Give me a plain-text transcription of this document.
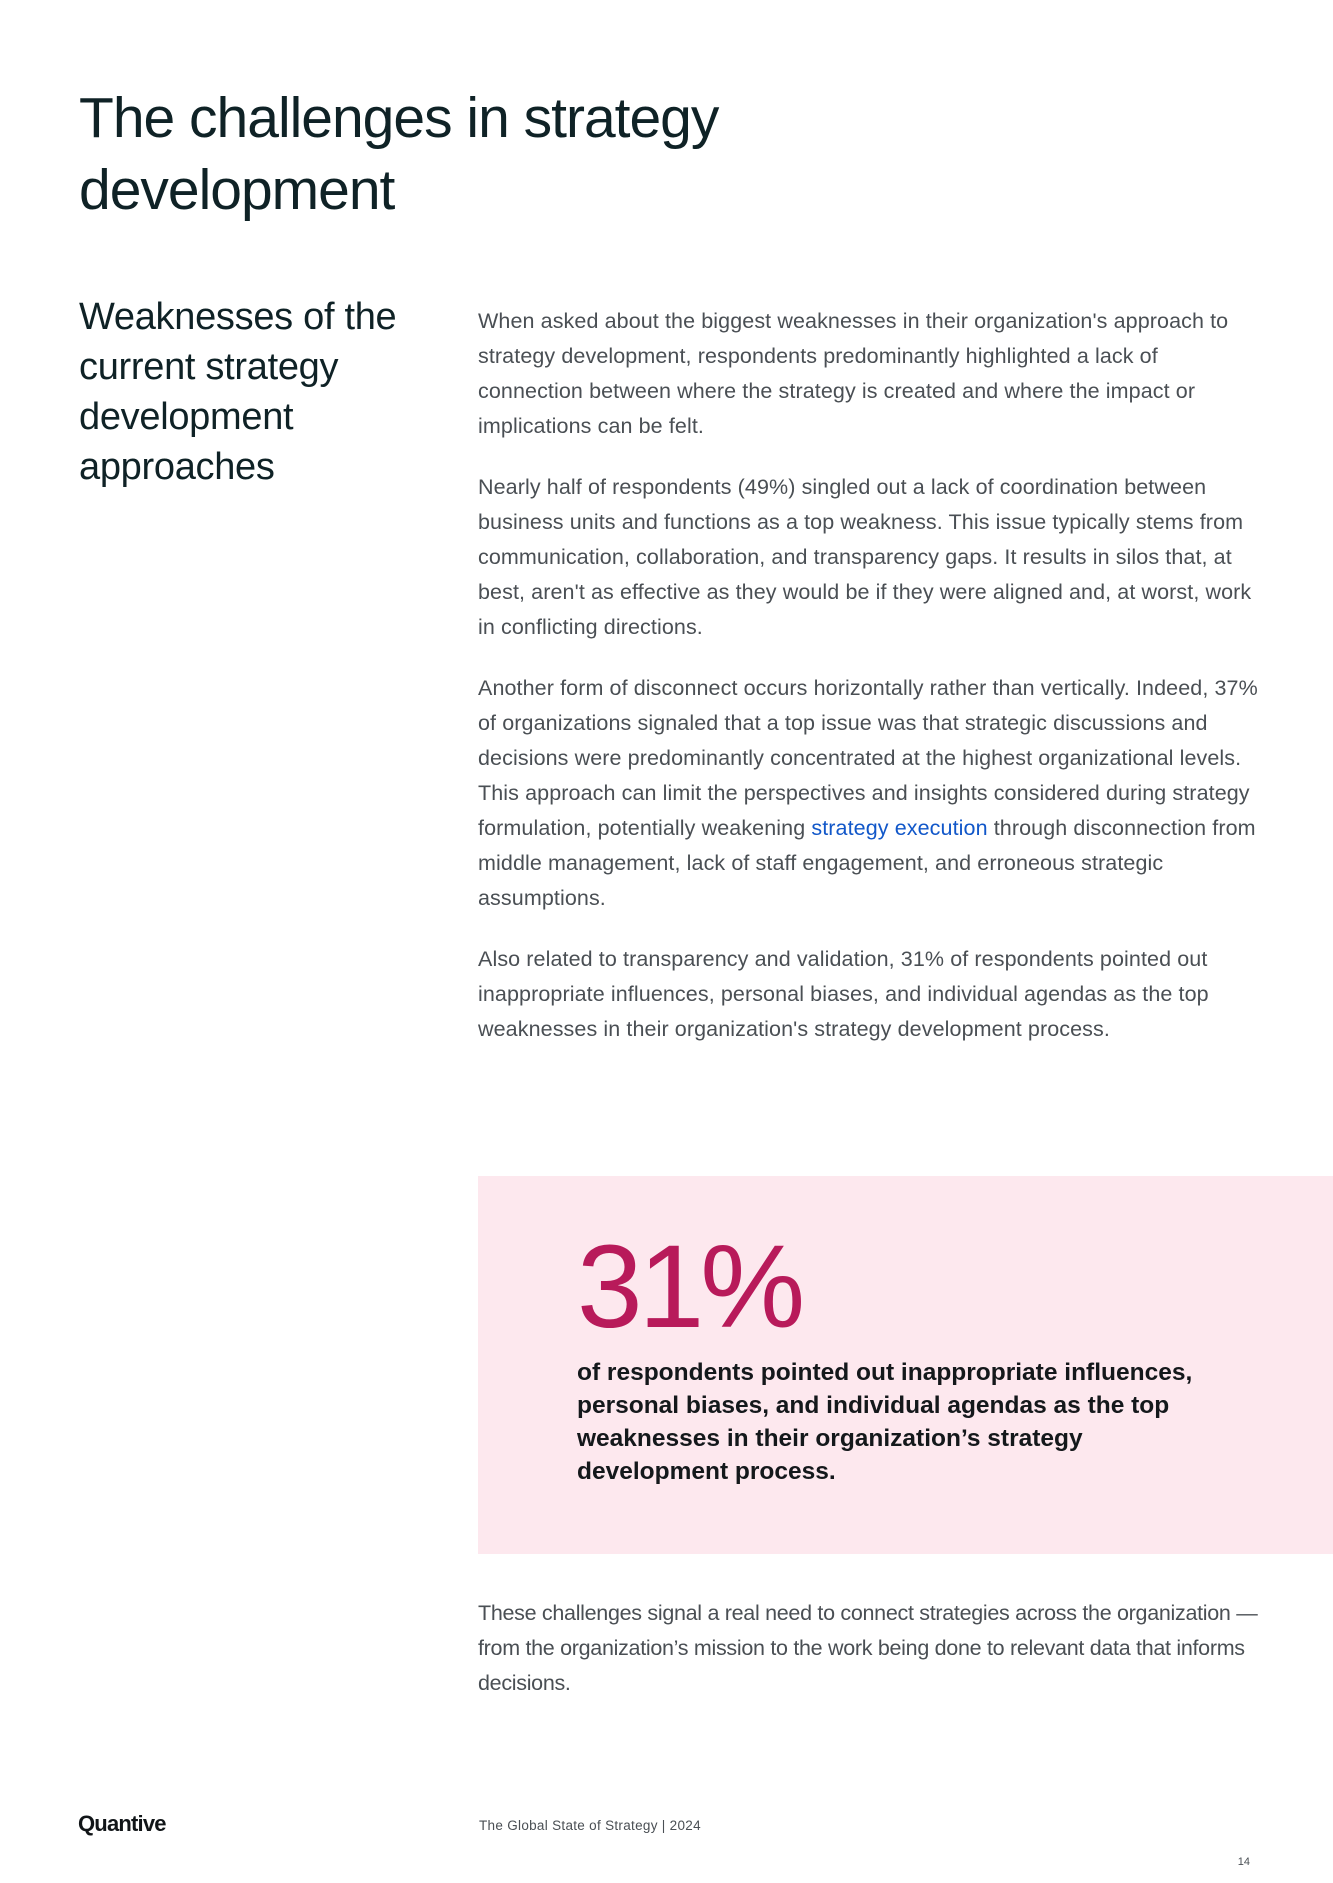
The challenges in strategy development
Weaknesses of the current strategy development approaches

When asked about the biggest weaknesses in their organization's approach to strategy development, respondents predominantly highlighted a lack of connection between where the strategy is created and where the impact or implications can be felt.

Nearly half of respondents (49%) singled out a lack of coordination between business units and functions as a top weakness. This issue typically stems from communication, collaboration, and transparency gaps. It results in silos that, at best, aren't as effective as they would be if they were aligned and, at worst, work in conflicting directions.

Another form of disconnect occurs horizontally rather than vertically. Indeed, 37% of organizations signaled that a top issue was that strategic discussions and decisions were predominantly concentrated at the highest organizational levels. This approach can limit the perspectives and insights considered during strategy formulation, potentially weakening strategy execution through disconnection from middle management, lack of staff engagement, and erroneous strategic assumptions.

Also related to transparency and validation, 31% of respondents pointed out inappropriate influences, personal biases, and individual agendas as the top weaknesses in their organization's strategy development process.

31%

of respondents pointed out inappropriate influences, personal biases, and individual agendas as the top weaknesses in their organization’s strategy development process.

These challenges signal a real need to connect strategies across the organization — from the organization’s mission to the work being done to relevant data that informs decisions.

Quantive	The Global State of Strategy | 2024
14
